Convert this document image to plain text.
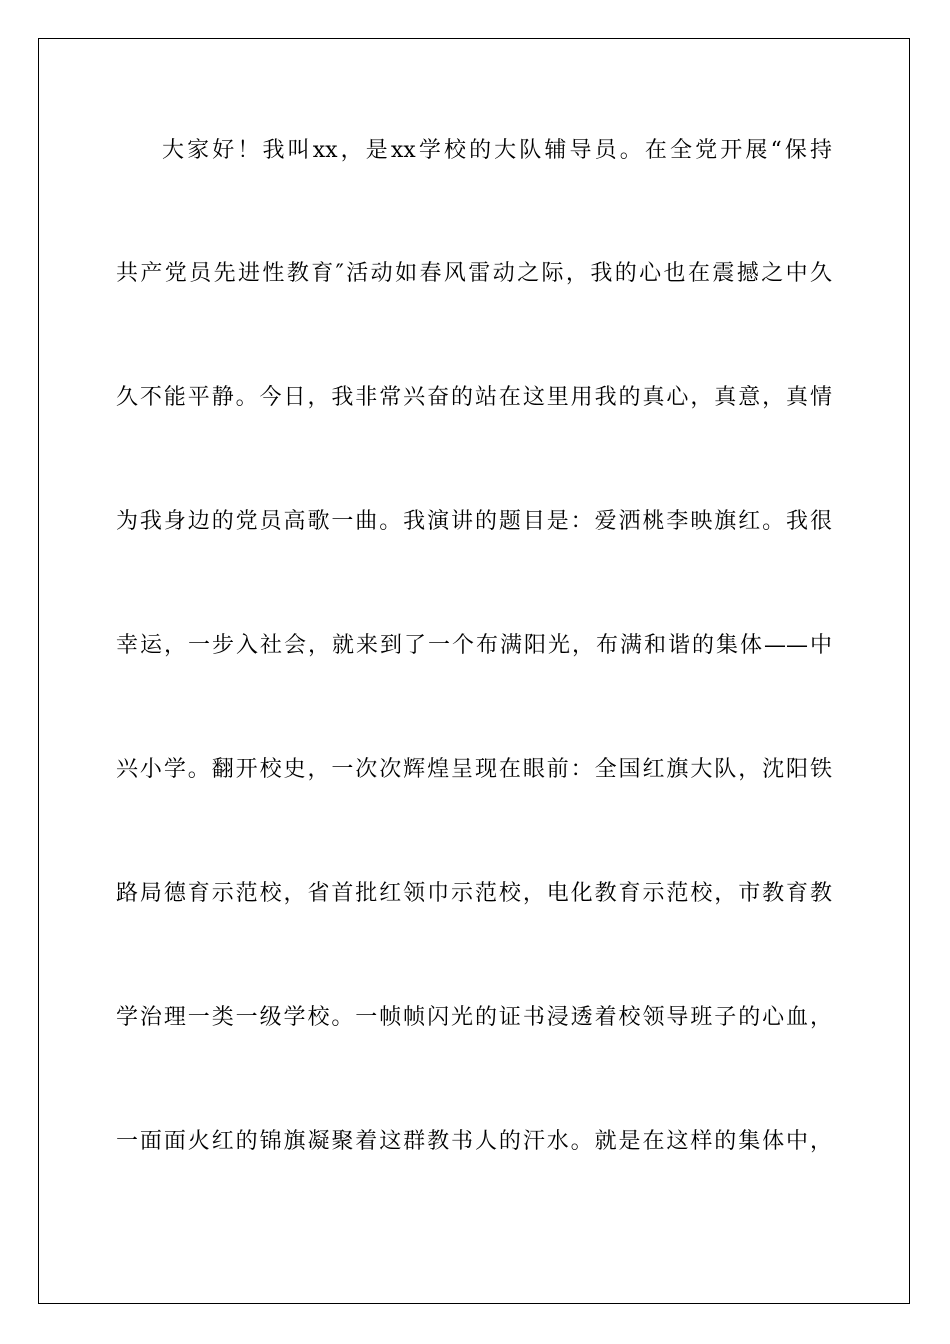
大家好！我叫xx，是xx学校的大队辅导员。在全党开展“保持
共产党员先进性教育″活动如春风雷动之际，我的心也在震撼之中久
久不能平静。今日，我非常兴奋的站在这里用我的真心，真意，真情
为我身边的党员高歌一曲。我演讲的题目是：爱洒桃李映旗红。我很
幸运，一步入社会，就来到了一个布满阳光，布满和谐的集体——中
兴小学。翻开校史，一次次辉煌呈现在眼前：全国红旗大队，沈阳铁
路局德育示范校，省首批红领巾示范校，电化教育示范校，市教育教
学治理一类一级学校。一帧帧闪光的证书浸透着校领导班子的心血，
一面面火红的锦旗凝聚着这群教书人的汗水。就是在这样的集体中，
